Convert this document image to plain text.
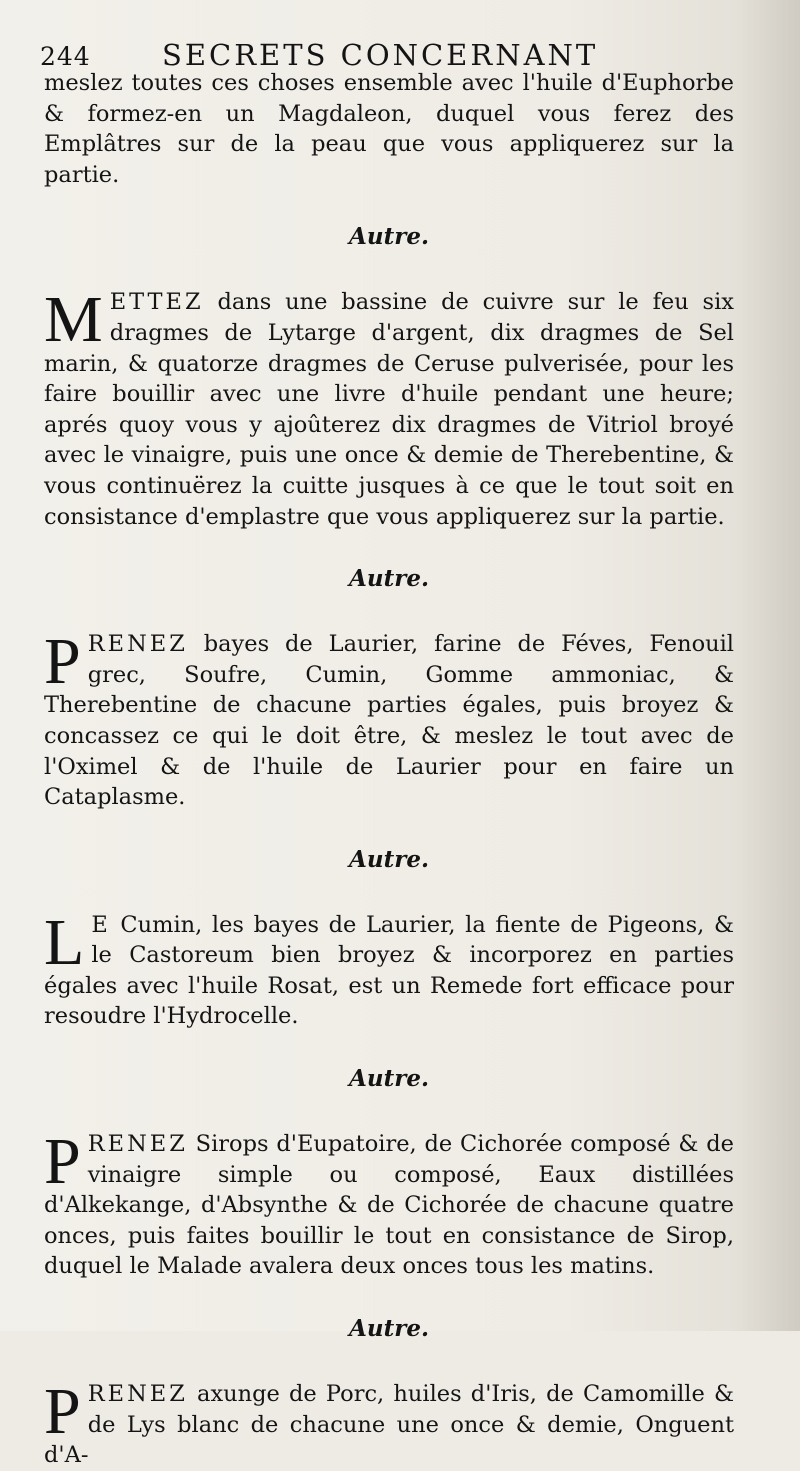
244 SECRETS CONCERNANT

meslez toutes ces choses ensemble avec l'huile d'Euphorbe & formez-en un Magdaleon, duquel vous ferez des Emplâtres sur de la peau que vous appliquerez sur la partie.

Autre.

METTEZ dans une bassine de cuivre sur le feu six dragmes de Lytarge d'argent, dix dragmes de Sel marin, & quatorze dragmes de Ceruse pulverisée, pour les faire bouillir avec une livre d'huile pendant une heure; aprés quoy vous y ajoûterez dix dragmes de Vitriol broyé avec le vinaigre, puis une once & demie de Therebentine, & vous continuërez la cuitte jusques à ce que le tout soit en consistance d'emplastre que vous appliquerez sur la partie.

Autre.

PRENEZ bayes de Laurier, farine de Féves, Fenouil grec, Soufre, Cumin, Gomme ammoniac, & Therebentine de chacune parties égales, puis broyez & concassez ce qui le doit être, & meslez le tout avec de l'Oximel & de l'huile de Laurier pour en faire un Cataplasme.

Autre.

L E Cumin, les bayes de Laurier, la fiente de Pigeons, & le Castoreum bien broyez & incorporez en parties égales avec l'huile Rosat, est un Remede fort efficace pour resoudre l'Hydrocelle.

Autre.

PRENEZ Sirops d'Eupatoire, de Cichorée composé & de vinaigre simple ou composé, Eaux distillées d'Alkekange, d'Absynthe & de Cichorée de chacune quatre onces, puis faites bouillir le tout en consistance de Sirop, duquel le Malade avalera deux onces tous les matins.

Autre.

PRENEZ axunge de Porc, huiles d'Iris, de Camomille & de Lys blanc de chacune une once & demie, Onguent d'A-
